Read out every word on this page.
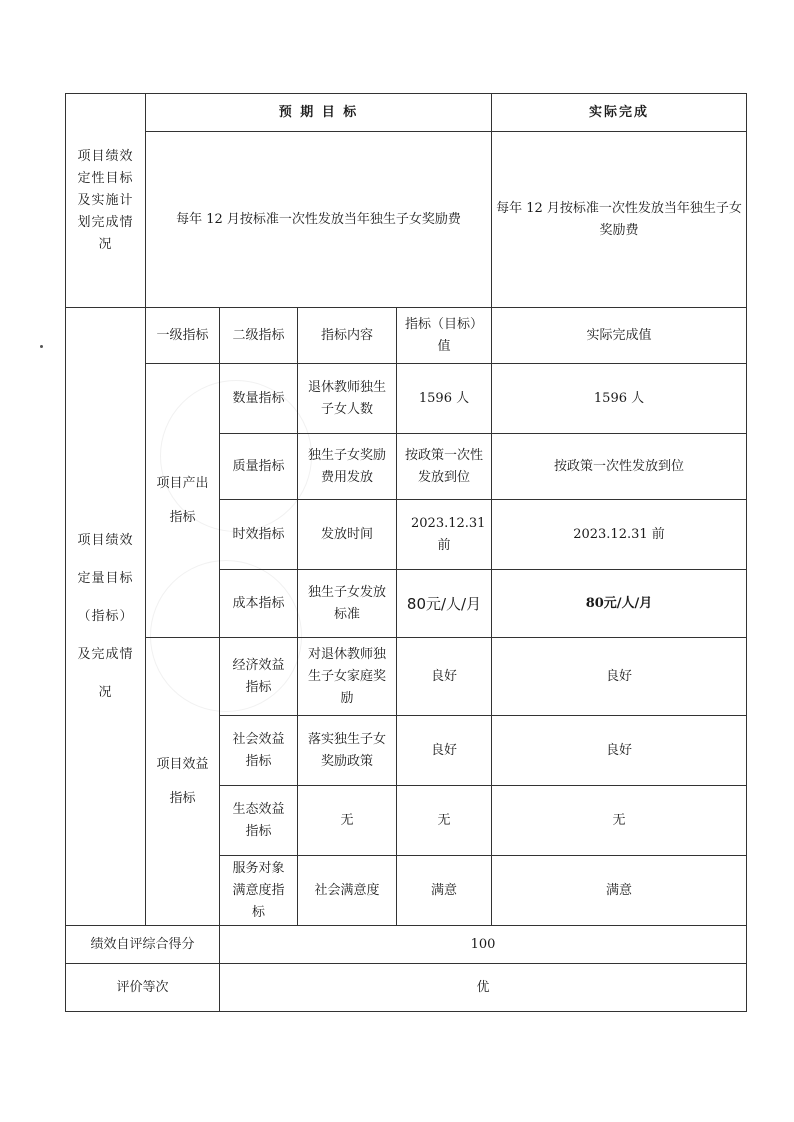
项目绩效定性目标及实施计划完成情况	预 期 目 标				实际完成
	每年 12 月按标准一次性发放当年独生子女奖励费				每年 12 月按标准一次性发放当年独生子女奖励费
项目绩效定量目标（指标）及完成情况	一级指标	二级指标	指标内容	指标（目标）值	实际完成值
	项目产出指标	数量指标	退休教师独生子女人数	1596 人	1596 人
		质量指标	独生子女奖励费用发放	按政策一次性发放到位	按政策一次性发放到位
		时效指标	发放时间	2023.12.31 前	2023.12.31 前
		成本指标	独生子女发放标准	80元/人/月	80元/人/月
	项目效益指标	经济效益指标	对退休教师独生子女家庭奖励	良好	良好
		社会效益指标	落实独生子女奖励政策	良好	良好
		生态效益指标	无	无	无
		服务对象满意度指标	社会满意度	满意	满意
绩效自评综合得分		100			
评价等次		优			
